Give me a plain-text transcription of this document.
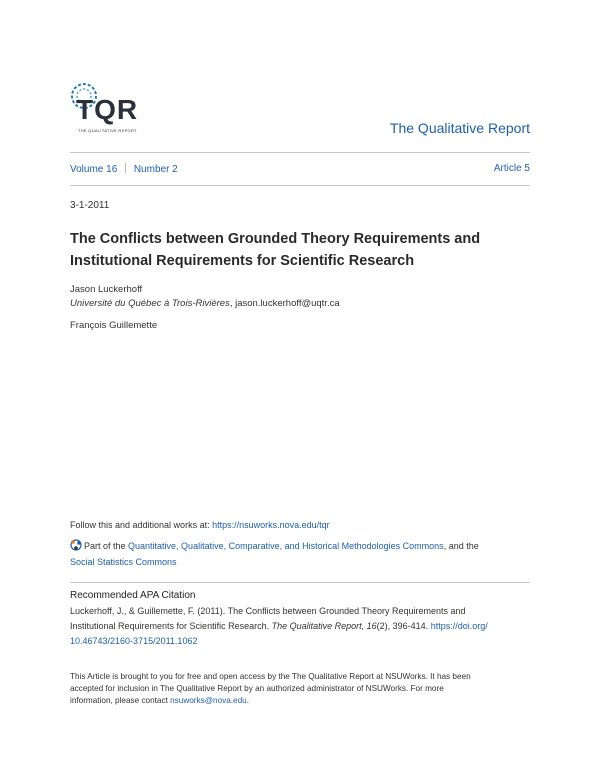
TQR
THE QUALITATIVE REPORT	The Qualitative Report
Volume 16 Number 2	Article 5
3-1-2011
The Conflicts between Grounded Theory Requirements and
Institutional Requirements for Scientific Research
Jason Luckerhoff
Université du Québec à Trois-Rivières, jason.luckerhoff@uqtr.ca
François Guillemette
Follow this and additional works at: https://nsuworks.nova.edu/tqr
Part of the Quantitative, Qualitative, Comparative, and Historical Methodologies Commons, and the
Social Statistics Commons
Recommended APA Citation
Luckerhoff, J., & Guillemette, F. (2011). The Conflicts between Grounded Theory Requirements and
Institutional Requirements for Scientific Research. The Qualitative Report, 16(2), 396-414. https://doi.org/
10.46743/2160-3715/2011.1062
This Article is brought to you for free and open access by the The Qualitative Report at NSUWorks. It has been
accepted for inclusion in The Qualitative Report by an authorized administrator of NSUWorks. For more
information, please contact nsuworks@nova.edu.
